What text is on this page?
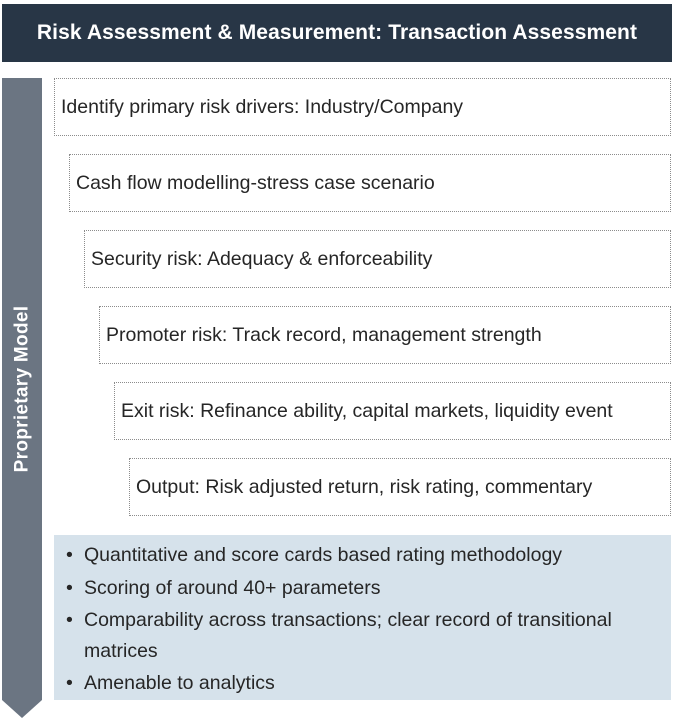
Risk Assessment & Measurement: Transaction Assessment
Proprietary Model
Identify primary risk drivers: Industry/Company
Cash flow modelling-stress case scenario
Security risk: Adequacy & enforceability
Promoter risk: Track record, management strength
Exit risk: Refinance ability, capital markets, liquidity event
Output: Risk adjusted return, risk rating, commentary
• Quantitative and score cards based rating methodology
• Scoring of around 40+ parameters
• Comparability across transactions; clear record of transitional matrices
• Amenable to analytics
